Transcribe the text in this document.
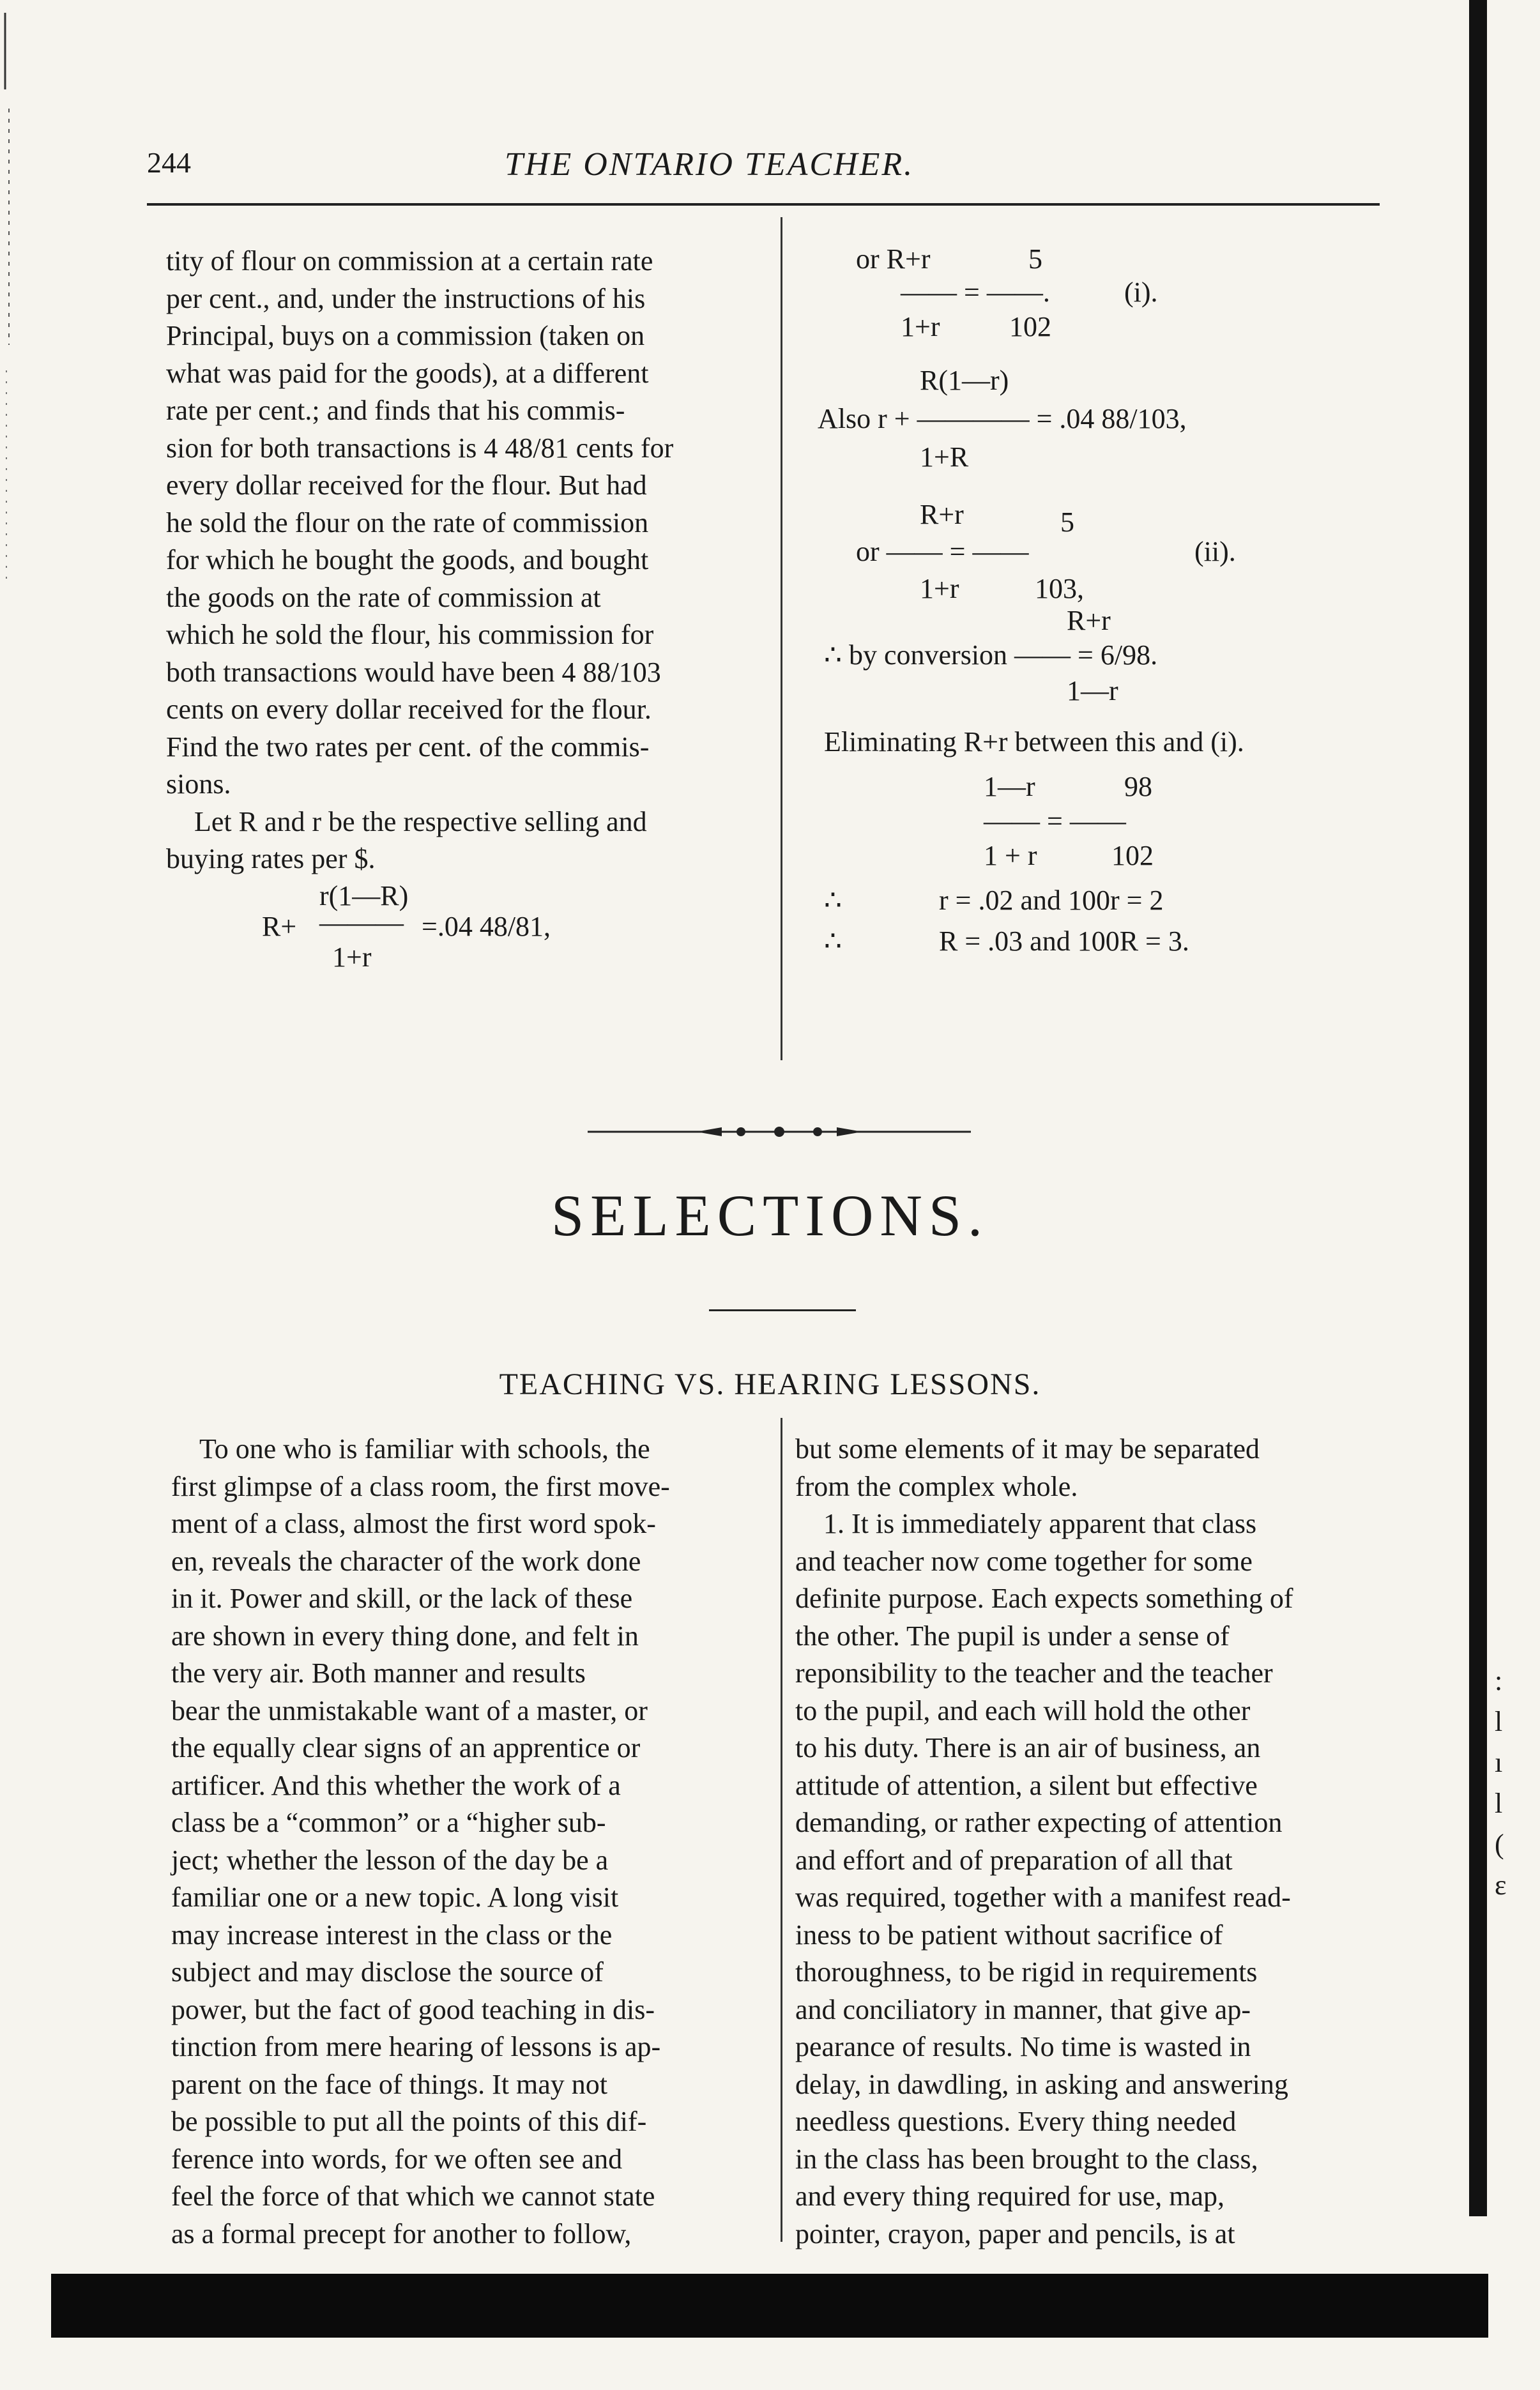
244	THE ONTARIO TEACHER.
tity of flour on commission at a certain rate
per cent., and, under the instructions of his
Principal, buys on a commission (taken on
what was paid for the goods), at a different
rate per cent.; and finds that his commis-
sion for both transactions is 4 48/81 cents for
every dollar received for the flour. But had
he sold the flour on the rate of commission
for which he bought the goods, and bought
the goods on the rate of commission at
which he sold the flour, his commission for
both transactions would have been 4 88/103
cents on every dollar received for the flour.
Find the two rates per cent. of the commis-
sions.
Let R and r be the respective selling and
buying rates per $.
r(1—R)
R+ ——— =.04 48/81,
1+r
or R+r	5
—— = ——.	(i).
1+r 102
R(1—r)
Also r + ———— = .04 88/103,
1+R
R+r	5
or —— = ——	(ii).
1+r	103,
R+r
∴ by conversion —— = 6/98.
1—r
Eliminating R+r between this and (i).
1—r	98
—— = ——
1 + r	102
∴	r = .02 and 100r = 2
∴	R = .03 and 100R = 3.
SELECTIONS.
TEACHING VS. HEARING LESSONS.
To one who is familiar with schools, the
first glimpse of a class room, the first move-
ment of a class, almost the first word spok-
en, reveals the character of the work done
in it. Power and skill, or the lack of these
are shown in every thing done, and felt in
the very air. Both manner and results
bear the unmistakable want of a master, or
the equally clear signs of an apprentice or
artificer. And this whether the work of a
class be a “common” or a “higher sub-
ject; whether the lesson of the day be a
familiar one or a new topic. A long visit
may increase interest in the class or the
subject and may disclose the source of
power, but the fact of good teaching in dis-
tinction from mere hearing of lessons is ap-
parent on the face of things. It may not
be possible to put all the points of this dif-
ference into words, for we often see and
feel the force of that which we cannot state
as a formal precept for another to follow,
but some elements of it may be separated
from the complex whole.
1. It is immediately apparent that class
and teacher now come together for some
definite purpose. Each expects something of
the other. The pupil is under a sense of
reponsibility to the teacher and the teacher
to the pupil, and each will hold the other
to his duty. There is an air of business, an
attitude of attention, a silent but effective
demanding, or rather expecting of attention
and effort and of preparation of all that
was required, together with a manifest read-
iness to be patient without sacrifice of
thoroughness, to be rigid in requirements
and conciliatory in manner, that give ap-
pearance of results. No time is wasted in
delay, in dawdling, in asking and answering
needless questions. Every thing needed
in the class has been brought to the class,
and every thing required for use, map,
pointer, crayon, paper and pencils, is at
:
l
ı
l
(
ε
